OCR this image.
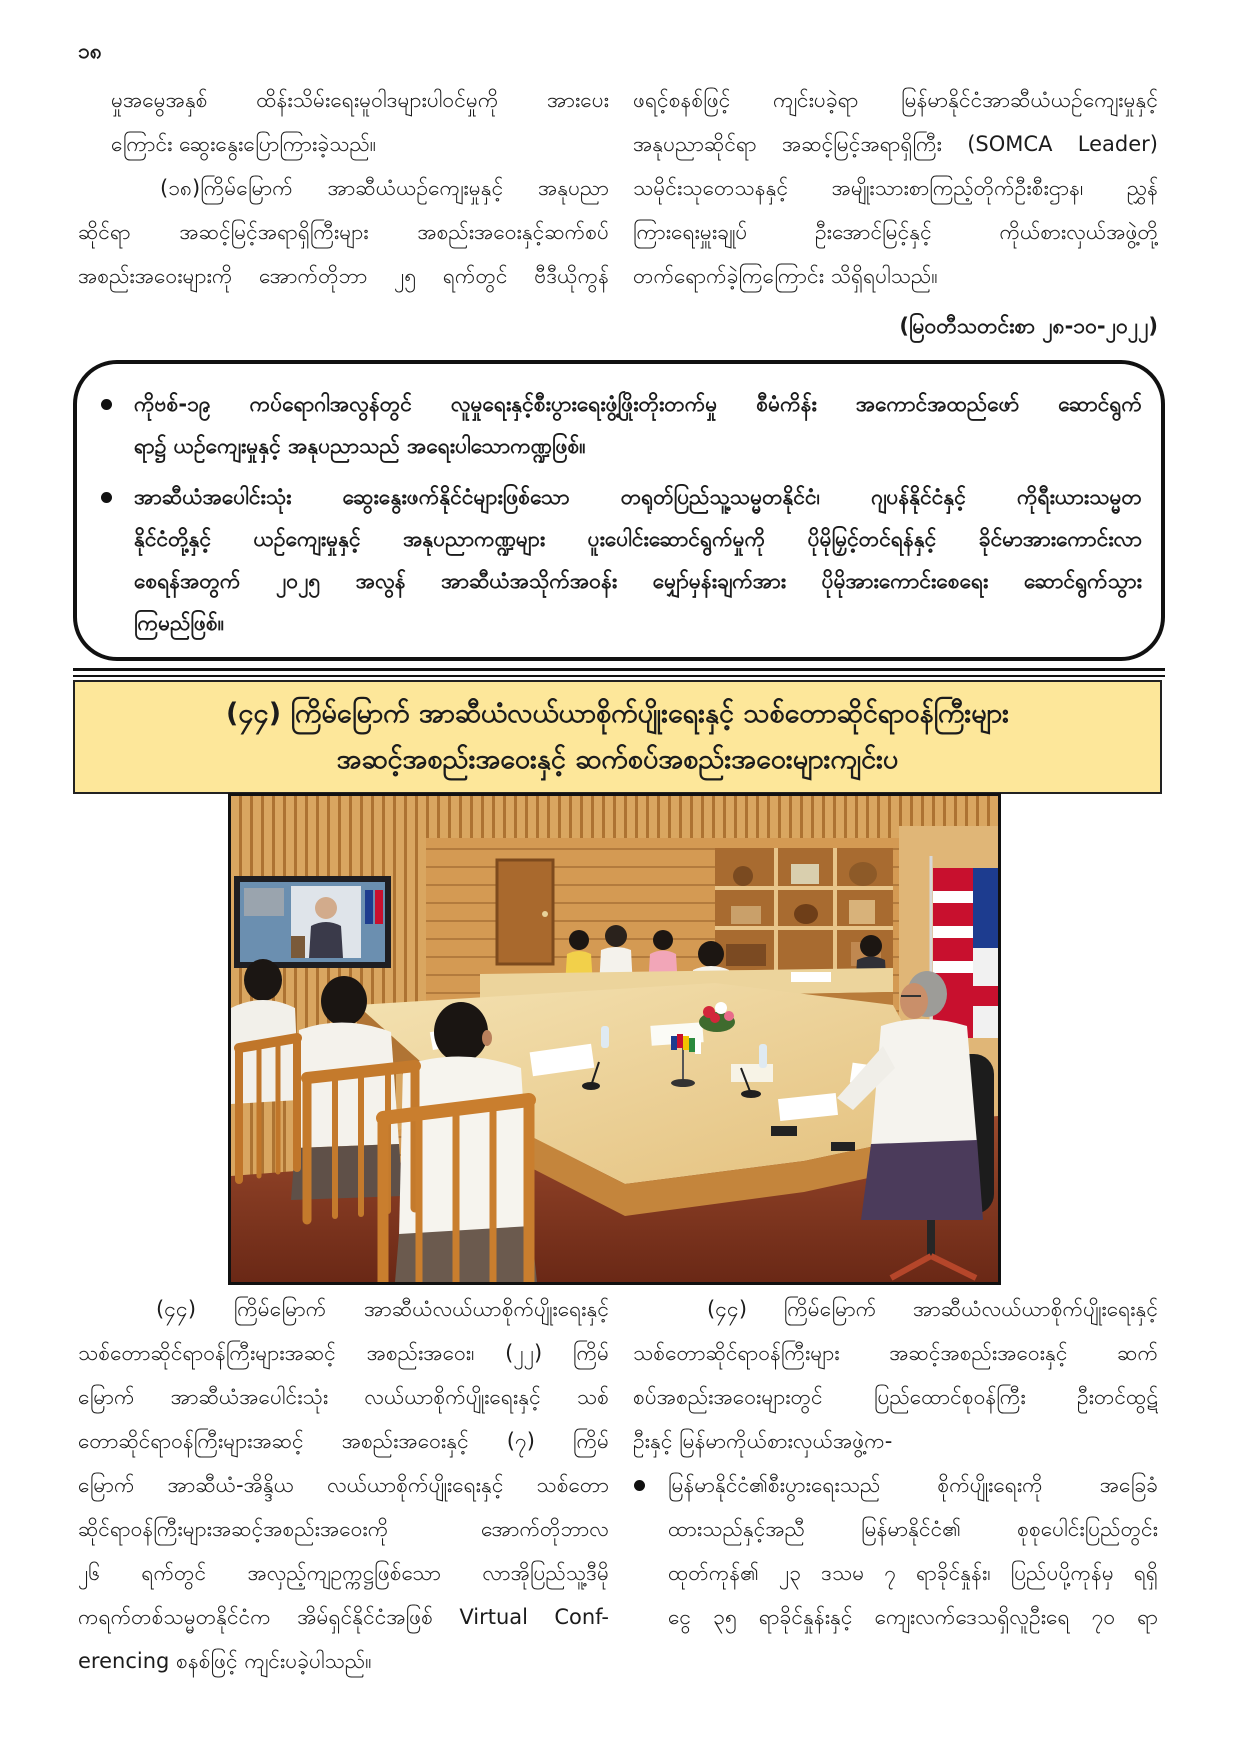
၁၈
မှုအမွေအနှစ် ထိန်းသိမ်းရေးမူဝါဒများပါဝင်မှုကို အားပေး
ကြောင်း ဆွေးနွေးပြောကြားခဲ့သည်။
(၁၈)ကြိမ်မြောက် အာဆီယံယဉ်ကျေးမှုနှင့် အနုပညာ
ဆိုင်ရာ အဆင့်မြင့်အရာရှိကြီးများ အစည်းအဝေးနှင့်ဆက်စပ်
အစည်းအဝေးများကို အောက်တိုဘာ ၂၅ ရက်တွင် ဗီဒီယိုကွန်
ဖရင့်စနစ်ဖြင့် ကျင်းပခဲ့ရာ မြန်မာနိုင်ငံအာဆီယံယဉ်ကျေးမှုနှင့်
အနုပညာဆိုင်ရာ အဆင့်မြင့်အရာရှိကြီး (SOMCA Leader)
သမိုင်းသုတေသနနှင့် အမျိုးသားစာကြည့်တိုက်ဦးစီးဌာန၊ ညွှန်
ကြားရေးမှူးချုပ် ဦးအောင်မြင့်နှင့် ကိုယ်စားလှယ်အဖွဲ့တို့
တက်ရောက်ခဲ့ကြကြောင်း သိရှိရပါသည်။
(မြဝတီသတင်းစာ ၂၈-၁၀-၂၀၂၂)
ကိုဗစ်-၁၉ ကပ်ရောဂါအလွန်တွင် လူမှုရေးနှင့်စီးပွားရေးဖွံ့ဖြိုးတိုးတက်မှု စီမံကိန်း အကောင်အထည်ဖော် ဆောင်ရွက်
ရာ၌ ယဉ်ကျေးမှုနှင့် အနုပညာသည် အရေးပါသောကဏ္ဍဖြစ်။
အာဆီယံအပေါင်းသုံး ဆွေးနွေးဖက်နိုင်ငံများဖြစ်သော တရုတ်ပြည်သူ့သမ္မတနိုင်ငံ၊ ဂျပန်နိုင်ငံနှင့် ကိုရီးယားသမ္မတ
နိုင်ငံတို့နှင့် ယဉ်ကျေးမှုနှင့် အနုပညာကဏ္ဍများ ပူးပေါင်းဆောင်ရွက်မှုကို ပိုမိုမြှင့်တင်ရန်နှင့် ခိုင်မာအားကောင်းလာ
စေရန်အတွက် ၂၀၂၅ အလွန် အာဆီယံအသိုက်အဝန်း မျှော်မှန်းချက်အား ပိုမိုအားကောင်းစေရေး ဆောင်ရွက်သွား
ကြမည်ဖြစ်။
(၄၄) ကြိမ်မြောက် အာဆီယံလယ်ယာစိုက်ပျိုးရေးနှင့် သစ်တောဆိုင်ရာဝန်ကြီးများ
အဆင့်အစည်းအဝေးနှင့် ဆက်စပ်အစည်းအဝေးများကျင်းပ
(၄၄) ကြိမ်မြောက် အာဆီယံလယ်ယာစိုက်ပျိုးရေးနှင့်
သစ်တောဆိုင်ရာဝန်ကြီးများအဆင့် အစည်းအဝေး၊ (၂၂) ကြိမ်
မြောက် အာဆီယံအပေါင်းသုံး လယ်ယာစိုက်ပျိုးရေးနှင့် သစ်
တောဆိုင်ရာဝန်ကြီးများအဆင့် အစည်းအဝေးနှင့် (၇) ကြိမ်
မြောက် အာဆီယံ-အိန္ဒိယ လယ်ယာစိုက်ပျိုးရေးနှင့် သစ်တော
ဆိုင်ရာဝန်ကြီးများအဆင့်အစည်းအဝေးကို အောက်တိုဘာလ
၂၆ ရက်တွင် အလှည့်ကျဥက္ကဋ္ဌဖြစ်သော လာအိုပြည်သူ့ဒီမို
ကရက်တစ်သမ္မတနိုင်ငံက အိမ်ရှင်နိုင်ငံအဖြစ် Virtual Conf-
erencing စနစ်ဖြင့် ကျင်းပခဲ့ပါသည်။
(၄၄) ကြိမ်မြောက် အာဆီယံလယ်ယာစိုက်ပျိုးရေးနှင့်
သစ်တောဆိုင်ရာဝန်ကြီးများ အဆင့်အစည်းအဝေးနှင့် ဆက်
စပ်အစည်းအဝေးများတွင် ပြည်ထောင်စုဝန်ကြီး ဦးတင်ထွဋ်
ဦးနှင့် မြန်မာကိုယ်စားလှယ်အဖွဲ့က-
မြန်မာနိုင်ငံ၏စီးပွားရေးသည် စိုက်ပျိုးရေးကို အခြေခံ
ထားသည်နှင့်အညီ မြန်မာနိုင်ငံ၏ စုစုပေါင်းပြည်တွင်း
ထုတ်ကုန်၏ ၂၃ ဒသမ ၇ ရာခိုင်နှုန်း၊ ပြည်ပပို့ကုန်မှ ရရှိ
ငွေ ၃၅ ရာခိုင်နှုန်းနှင့် ကျေးလက်ဒေသရှိလူဦးရေ ၇၀ ရာ
